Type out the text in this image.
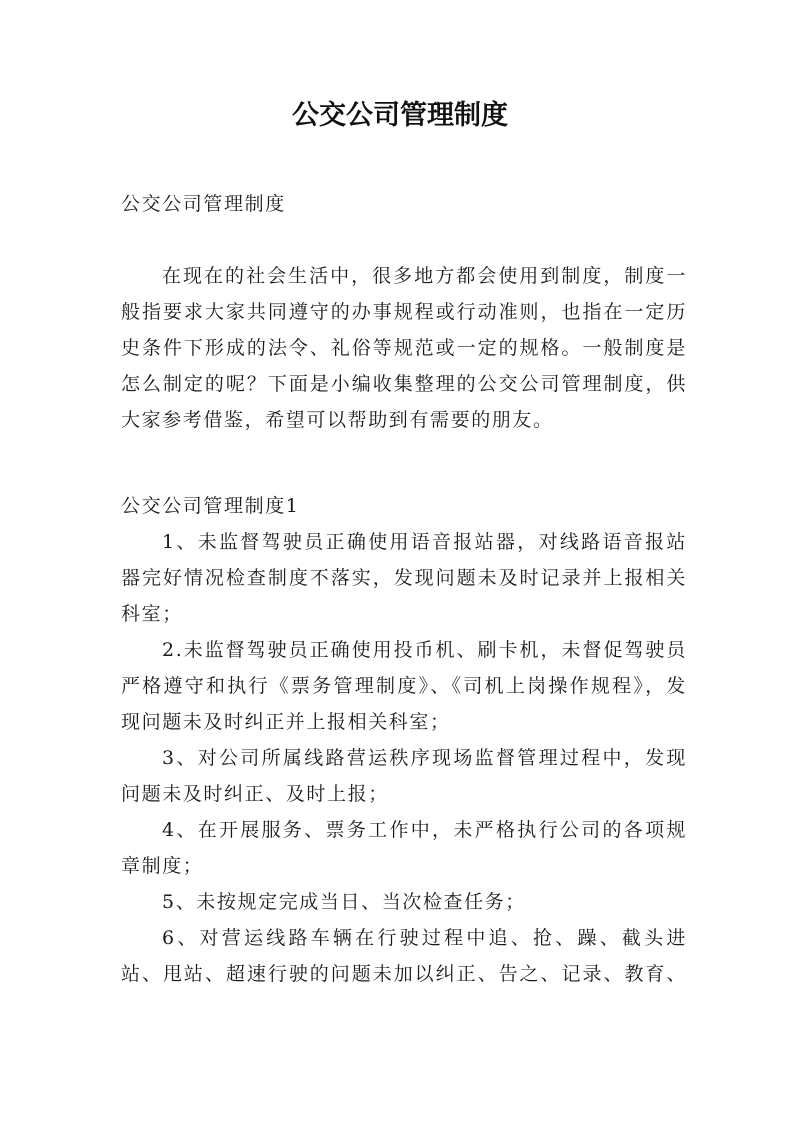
公交公司管理制度

公交公司管理制度

在现在的社会生活中，很多地方都会使用到制度，制度一般指要求大家共同遵守的办事规程或行动准则，也指在一定历史条件下形成的法令、礼俗等规范或一定的规格。一般制度是怎么制定的呢？下面是小编收集整理的公交公司管理制度，供大家参考借鉴，希望可以帮助到有需要的朋友。

公交公司管理制度1

1、未监督驾驶员正确使用语音报站器，对线路语音报站器完好情况检查制度不落实，发现问题未及时记录并上报相关科室；

2.未监督驾驶员正确使用投币机、刷卡机，未督促驾驶员严格遵守和执行《票务管理制度》、《司机上岗操作规程》，发现问题未及时纠正并上报相关科室；

3、对公司所属线路营运秩序现场监督管理过程中，发现问题未及时纠正、及时上报；

4、在开展服务、票务工作中，未严格执行公司的各项规章制度；

5、未按规定完成当日、当次检查任务；

6、对营运线路车辆在行驶过程中追、抢、躁、截头进站、甩站、超速行驶的问题未加以纠正、告之、记录、教育、
